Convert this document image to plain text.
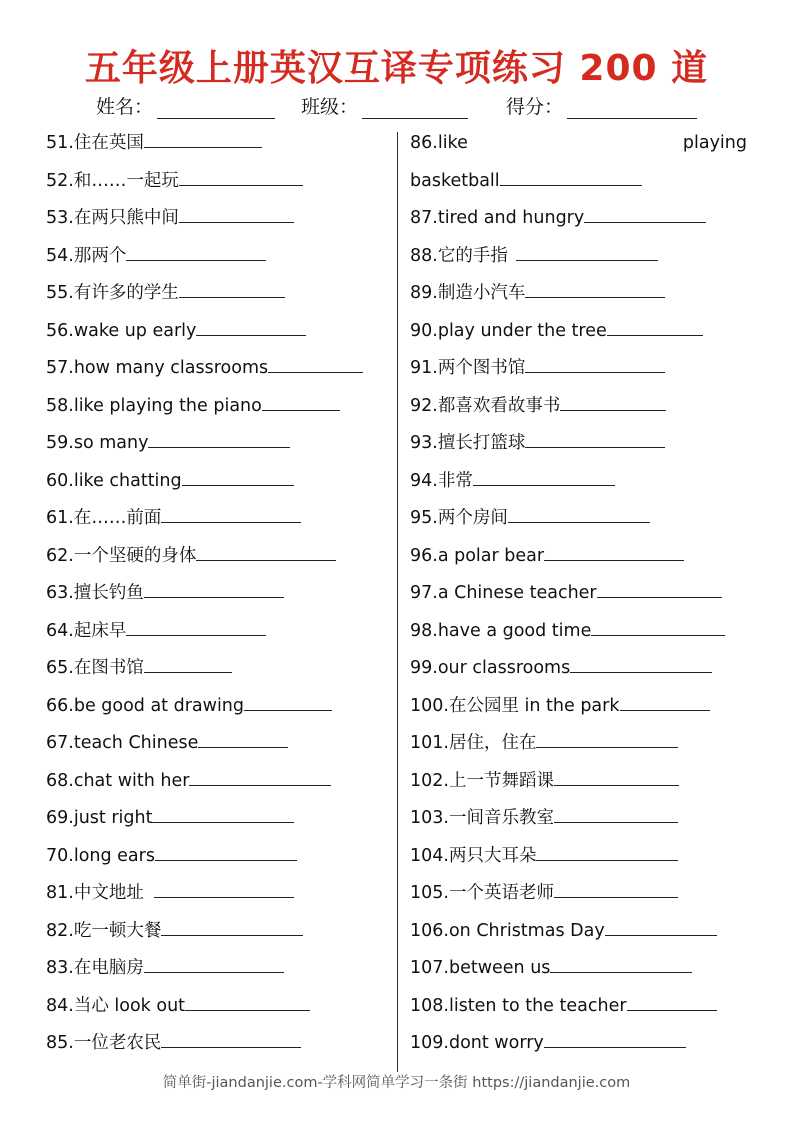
五年级上册英汉互译专项练习 200 道
姓名：	班级：	得分：
51.住在英国
52.和……一起玩
53.在两只熊中间
54.那两个
55.有许多的学生
56.wake up early
57.how many classrooms
58.like playing the piano
59.so many
60.like chatting
61.在……前面
62.一个坚硬的身体
63.擅长钓鱼
64.起床早
65.在图书馆
66.be good at drawing
67.teach Chinese
68.chat with her
69.just right
70.long ears
81.中文地址
82.吃一顿大餐
83.在电脑房
84.当心 look out
85.一位老农民
86.like	playing
basketball
87.tired and hungry
88.它的手指
89.制造小汽车
90.play under the tree
91.两个图书馆
92.都喜欢看故事书
93.擅长打篮球
94.非常
95.两个房间
96.a polar bear
97.a Chinese teacher
98.have a good time
99.our classrooms
100.在公园里 in the park
101.居住，住在
102.上一节舞蹈课
103.一间音乐教室
104.两只大耳朵
105.一个英语老师
106.on Christmas Day
107.between us
108.listen to the teacher
109.dont worry
简单街-jiandanjie.com-学科网简单学习一条街 https://jiandanjie.com
